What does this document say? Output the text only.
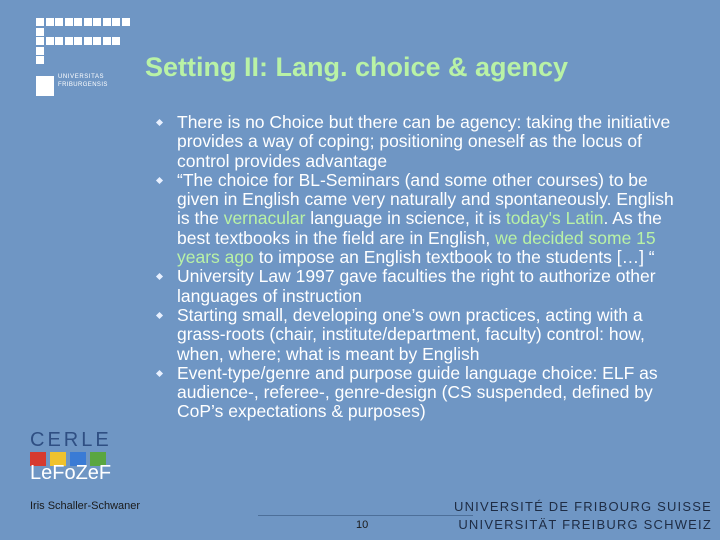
UNIVERSITAS
FRIBURGENSIS
Setting II: Lang. choice & agency
There is no Choice but there can be agency: taking the initiative provides a way of coping; positioning oneself as the locus of control provides advantage
“The choice for BL-Seminars (and some other courses) to be given in English came very naturally and spontaneously. English is the vernacular language in science, it is today's Latin. As the best textbooks in the field are in English, we decided some 15 years ago to impose an English textbook to the students […] “
University Law 1997 gave faculties the right to authorize other languages of instruction
Starting small, developing one’s own practices, acting with a grass-roots (chair, institute/department, faculty) control: how, when, where; what is meant by English
Event-type/genre and purpose guide language choice: ELF as audience-, referee-, genre-design (CS suspended, defined by CoP’s expectations & purposes)
CERLE
LeFoZeF
Iris Schaller-Schwaner
10
UNIVERSITÉ DE FRIBOURG SUISSE
UNIVERSITÄT FREIBURG SCHWEIZ
